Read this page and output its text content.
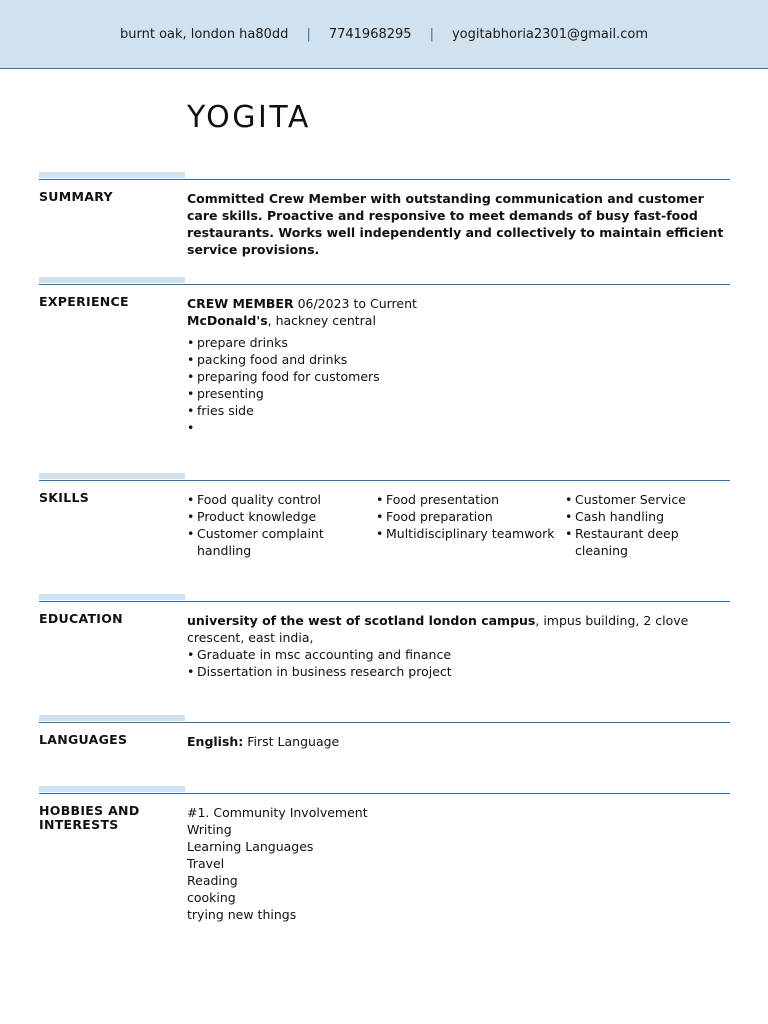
burnt oak, london ha80dd | 7741968295 | yogitabhoria2301@gmail.com
YOGITA
SUMMARY	Committed Crew Member with outstanding communication and customer care skills. Proactive and responsive to meet demands of busy fast-food restaurants. Works well independently and collectively to maintain efficient service provisions.
EXPERIENCE	CREW MEMBER 06/2023 to Current
McDonald's, hackney central
• prepare drinks
• packing food and drinks
• preparing food for customers
• presenting
• fries side
•
SKILLS
•	Food quality control
• Product knowledge
• Customer complaint handling
• Food presentation
• Food preparation
• Multidisciplinary teamwork
• Customer Service
• Cash handling
• Restaurant deep cleaning
EDUCATION	university of the west of scotland london campus, impus building, 2 clove crescent, east india,
• Graduate in msc accounting and finance
• Dissertation in business research project
LANGUAGES	English: First Language
HOBBIES AND INTERESTS
#1. Community Involvement
Writing
Learning Languages
Travel
Reading
cooking
trying new things
